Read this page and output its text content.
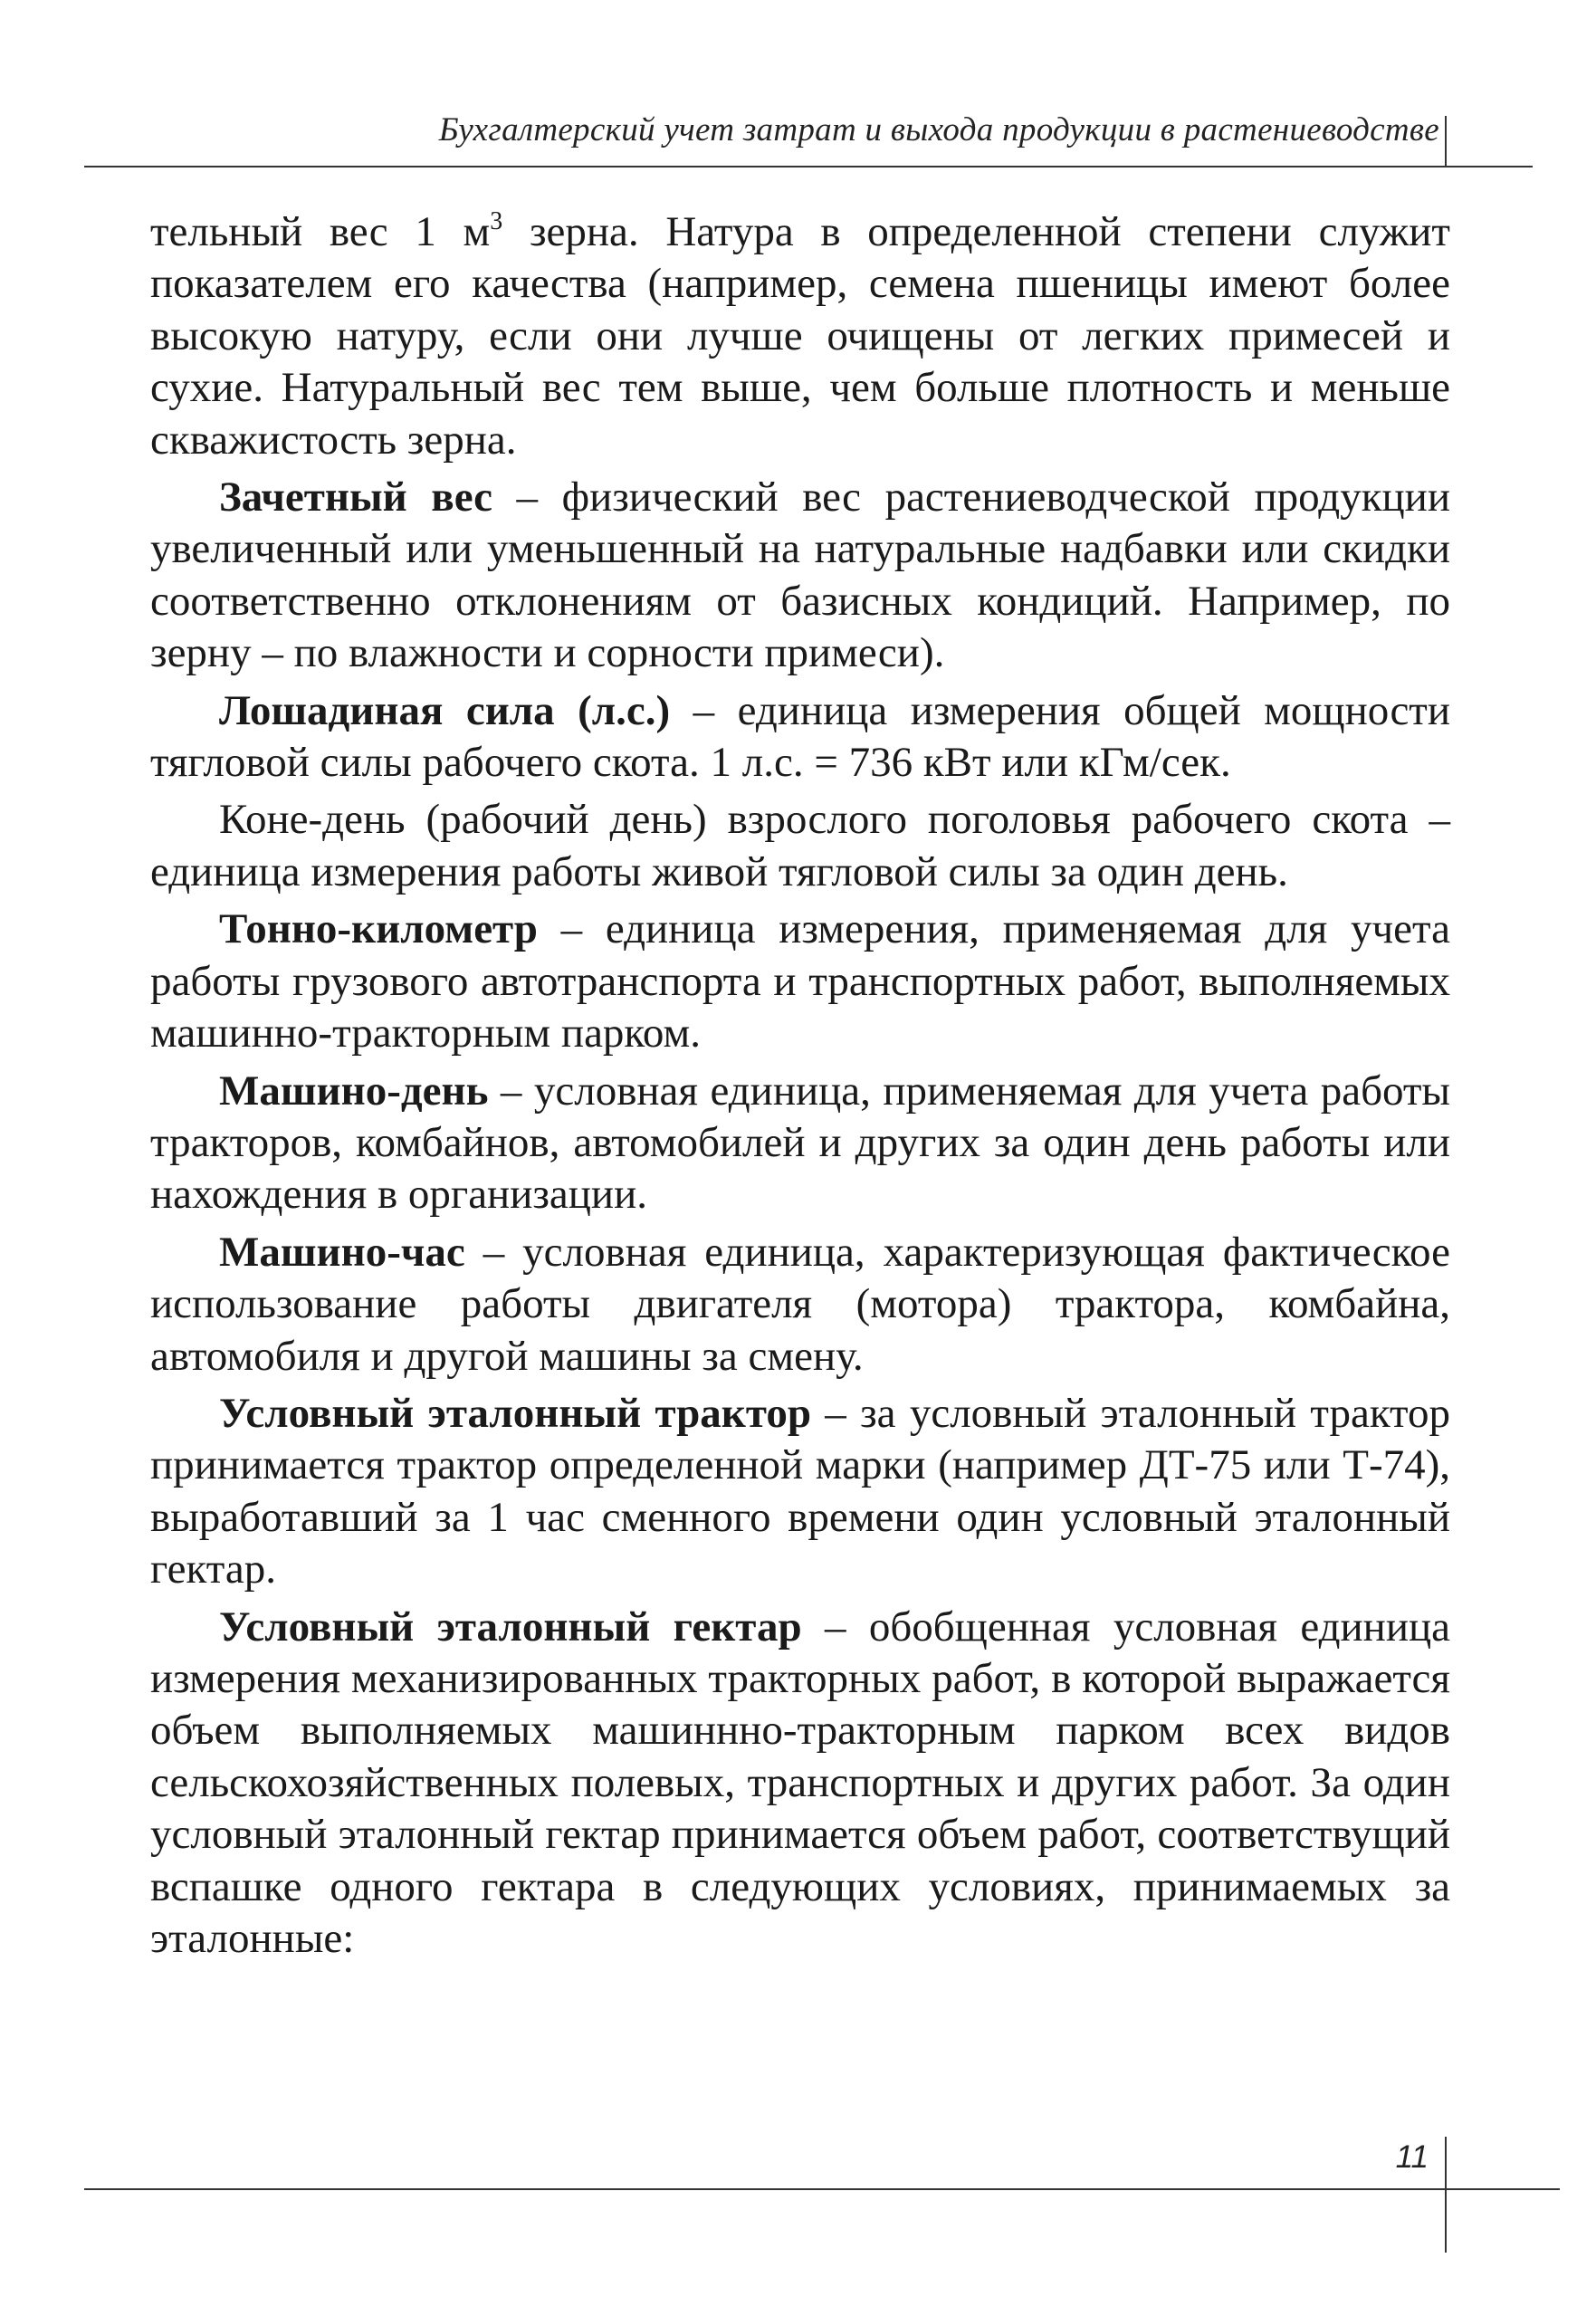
Бухгалтерский учет затрат и выхода продукции в растениеводстве

тельный вес 1 $м^3$ зерна. Натура в определенной степени служит показателем его качества (например, семена пшеницы имеют более высокую натуру, если они лучше очищены от легких примесей и сухие. Натуральный вес тем выше, чем больше плотность и меньше скважистость зерна.

Зачетный вес – физический вес растениеводческой продукции увеличенный или уменьшенный на натуральные надбавки или скидки соответственно отклонениям от базисных кондиций. Например, по зерну – по влажности и сорности примеси).

Лошадиная сила (л.с.) – единица измерения общей мощности тягловой силы рабочего скота. 1 л.с. = 736 кВт или кГм/сек.

Коне-день (рабочий день) взрослого поголовья рабочего скота – единица измерения работы живой тягловой силы за один день.

Тонно-километр – единица измерения, применяемая для учета работы грузового автотранспорта и транспортных работ, выполняемых машинно-тракторным парком.

Машино-день – условная единица, применяемая для учета работы тракторов, комбайнов, автомобилей и других за один день работы или нахождения в организации.

Машино-час – условная единица, характеризующая фактическое использование работы двигателя (мотора) трактора, комбайна, автомобиля и другой машины за смену.

Условный эталонный трактор – за условный эталонный трактор принимается трактор определенной марки (например ДТ-75 или Т-74), выработавший за 1 час сменного времени один условный эталонный гектар.

Условный эталонный гектар – обобщенная условная единица измерения механизированных тракторных работ, в которой выражается объем выполняемых машиннно-тракторным парком всех видов сельскохозяйственных полевых, транспортных и других работ. За один условный эталонный гектар принимается объем работ, соответствущий вспашке одного гектара в следующих условиях, принимаемых за эталонные:

11
